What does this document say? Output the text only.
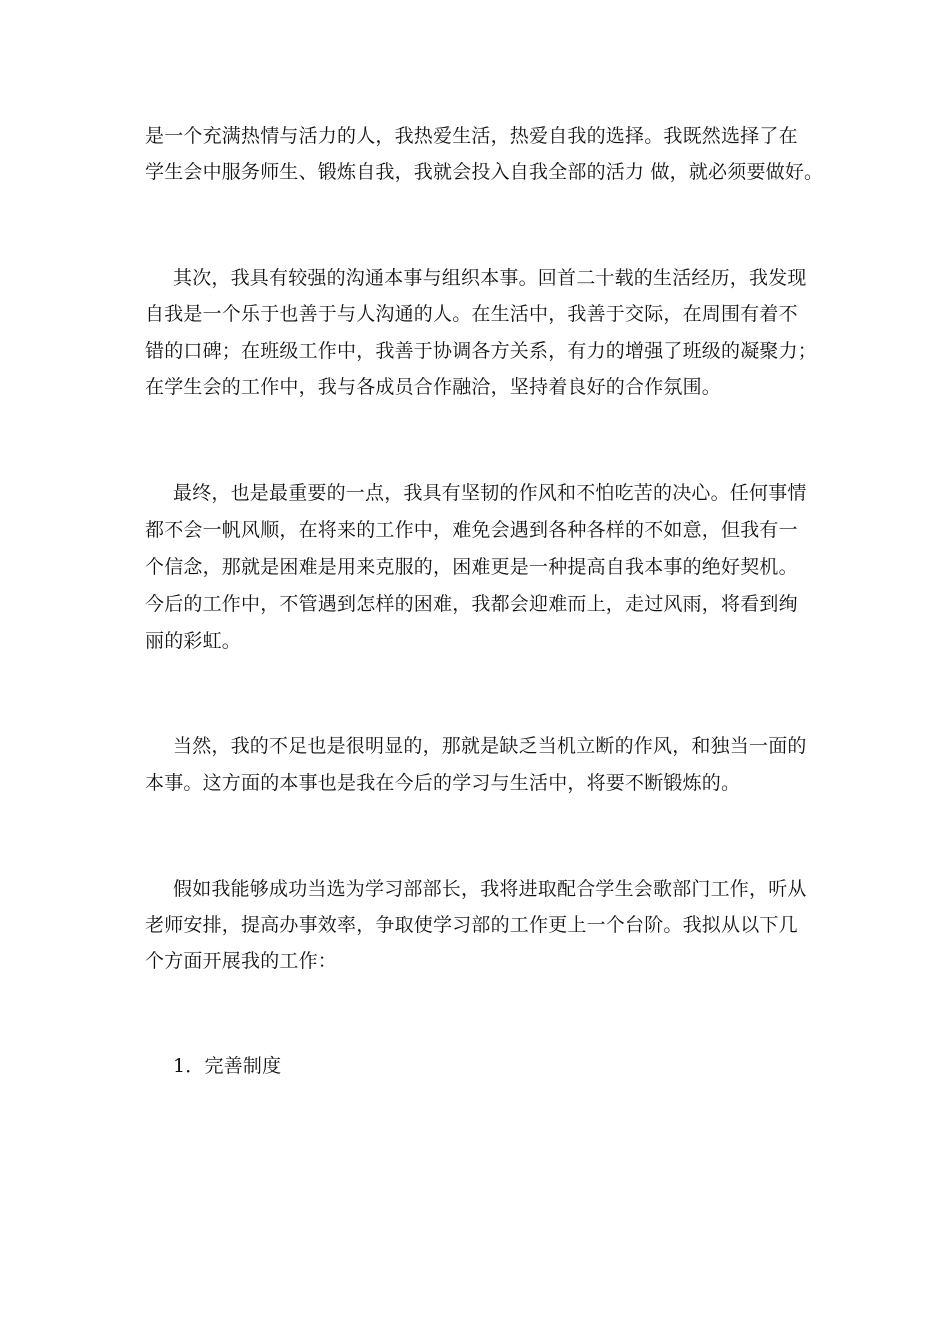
是一个充满热情与活力的人，我热爱生活，热爱自我的选择。我既然选择了在
学生会中服务师生、锻炼自我，我就会投入自我全部的活力 做，就必须要做好。
其次，我具有较强的沟通本事与组织本事。回首二十载的生活经历，我发现
自我是一个乐于也善于与人沟通的人。在生活中，我善于交际，在周围有着不
错的口碑；在班级工作中，我善于协调各方关系，有力的增强了班级的凝聚力；
在学生会的工作中，我与各成员合作融洽，坚持着良好的合作氛围。
最终，也是最重要的一点，我具有坚韧的作风和不怕吃苦的决心。任何事情
都不会一帆风顺，在将来的工作中，难免会遇到各种各样的不如意，但我有一
个信念，那就是困难是用来克服的，困难更是一种提高自我本事的绝好契机。
今后的工作中，不管遇到怎样的困难，我都会迎难而上，走过风雨，将看到绚
丽的彩虹。
当然，我的不足也是很明显的，那就是缺乏当机立断的作风，和独当一面的
本事。这方面的本事也是我在今后的学习与生活中，将要不断锻炼的。
假如我能够成功当选为学习部部长，我将进取配合学生会歌部门工作，听从
老师安排，提高办事效率，争取使学习部的工作更上一个台阶。我拟从以下几
个方面开展我的工作：
1．完善制度
